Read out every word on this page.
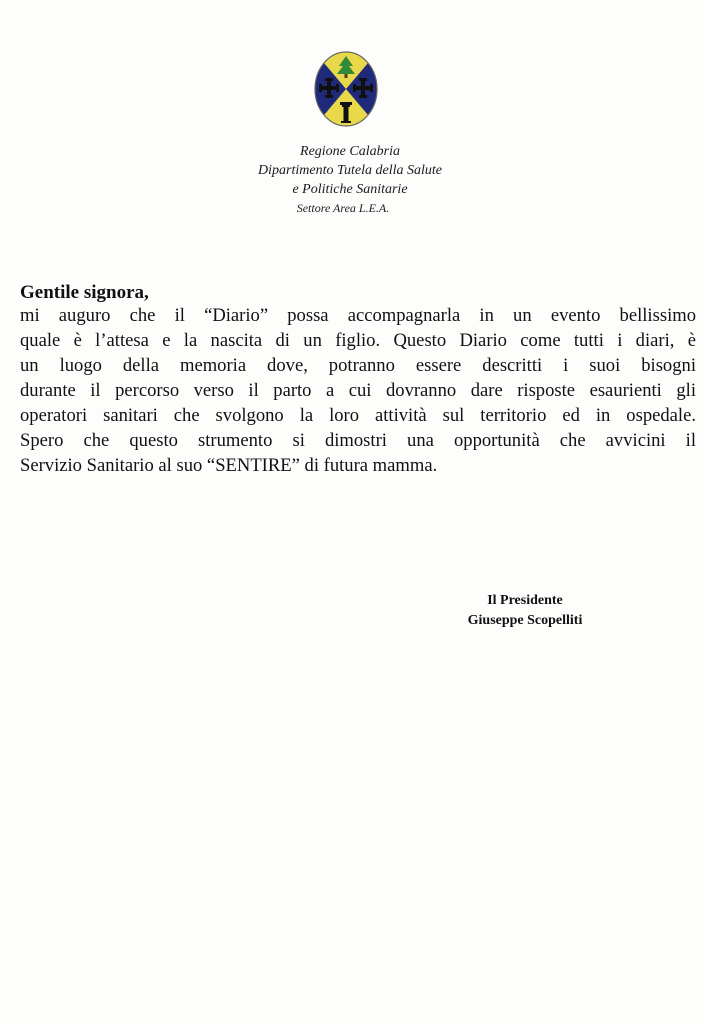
Regione Calabria
Dipartimento Tutela della Salute
e Politiche Sanitarie
Settore Area L.E.A.
Gentile signora,
mi auguro che il “Diario” possa accompagnarla in un evento bellissimo
quale è l’attesa e la nascita di un figlio. Questo Diario come tutti i diari, è
un luogo della memoria dove, potranno essere descritti i suoi bisogni
durante il percorso verso il parto a cui dovranno dare risposte esaurienti gli
operatori sanitari che svolgono la loro attività sul territorio ed in ospedale.
Spero che questo strumento si dimostri una opportunità che avvicini il
Servizio Sanitario al suo “SENTIRE” di futura mamma.
Il Presidente
Giuseppe Scopelliti
